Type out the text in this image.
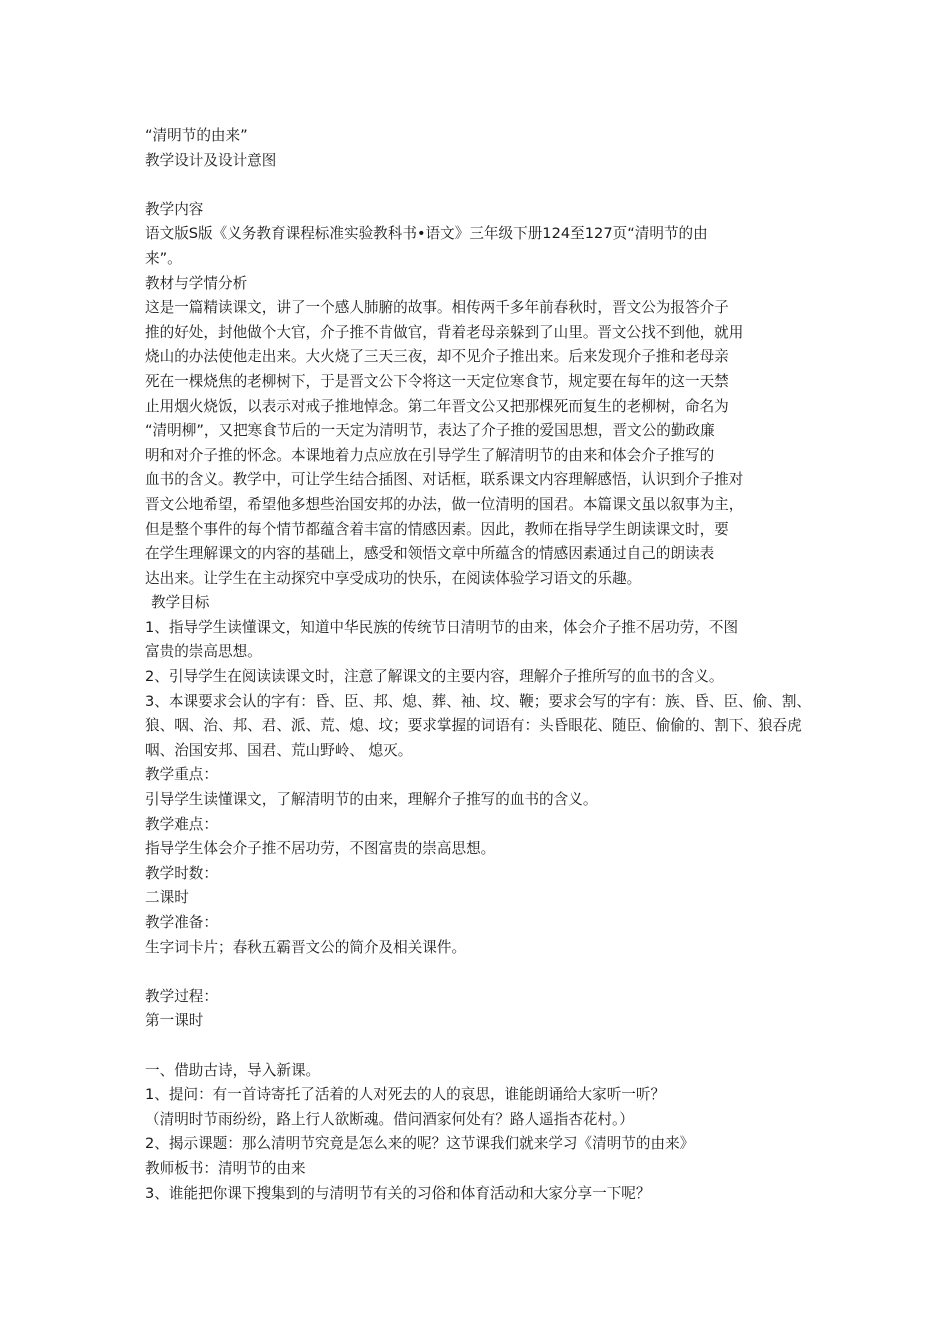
“清明节的由来”
教学设计及设计意图
教学内容
语文版S版《义务教育课程标准实验教科书•语文》三年级下册124至127页“清明节的由
来”。
教材与学情分析
这是一篇精读课文，讲了一个感人肺腑的故事。相传两千多年前春秋时，晋文公为报答介子
推的好处，封他做个大官，介子推不肯做官，背着老母亲躲到了山里。晋文公找不到他，就用
烧山的办法使他走出来。大火烧了三天三夜，却不见介子推出来。后来发现介子推和老母亲
死在一棵烧焦的老柳树下，于是晋文公下令将这一天定位寒食节，规定要在每年的这一天禁
止用烟火烧饭，以表示对戒子推地悼念。第二年晋文公又把那棵死而复生的老柳树，命名为
“清明柳”，又把寒食节后的一天定为清明节，表达了介子推的爱国思想，晋文公的勤政廉
明和对介子推的怀念。本课地着力点应放在引导学生了解清明节的由来和体会介子推写的
血书的含义。教学中，可让学生结合插图、对话框，联系课文内容理解感悟，认识到介子推对
晋文公地希望，希望他多想些治国安邦的办法，做一位清明的国君。本篇课文虽以叙事为主，
但是整个事件的每个情节都蕴含着丰富的情感因素。因此，教师在指导学生朗读课文时，要
在学生理解课文的内容的基础上，感受和领悟文章中所蕴含的情感因素通过自己的朗读表
达出来。让学生在主动探究中享受成功的快乐，在阅读体验学习语文的乐趣。
教学目标
1、指导学生读懂课文，知道中华民族的传统节日清明节的由来，体会介子推不居功劳，不图
富贵的崇高思想。
2、引导学生在阅读读课文时，注意了解课文的主要内容，理解介子推所写的血书的含义。
3、本课要求会认的字有：昏、臣、邦、熄、葬、袖、坟、鞭；要求会写的字有：族、昏、臣、偷、割、
狼、咽、治、邦、君、派、荒、熄、坟；要求掌握的词语有：头昏眼花、随臣、偷偷的、割下、狼吞虎
咽、治国安邦、国君、荒山野岭、 熄灭。
教学重点：
引导学生读懂课文，了解清明节的由来，理解介子推写的血书的含义。
教学难点：
指导学生体会介子推不居功劳，不图富贵的崇高思想。
教学时数：
二课时
教学准备：
生字词卡片；春秋五霸晋文公的简介及相关课件。
教学过程：
第一课时
一、借助古诗，导入新课。
1、提问：有一首诗寄托了活着的人对死去的人的哀思，谁能朗诵给大家听一听？
（清明时节雨纷纷，路上行人欲断魂。借问酒家何处有？路人遥指杏花村。）
2、揭示课题：那么清明节究竟是怎么来的呢？这节课我们就来学习《清明节的由来》
教师板书：清明节的由来
3、谁能把你课下搜集到的与清明节有关的习俗和体育活动和大家分享一下呢？
